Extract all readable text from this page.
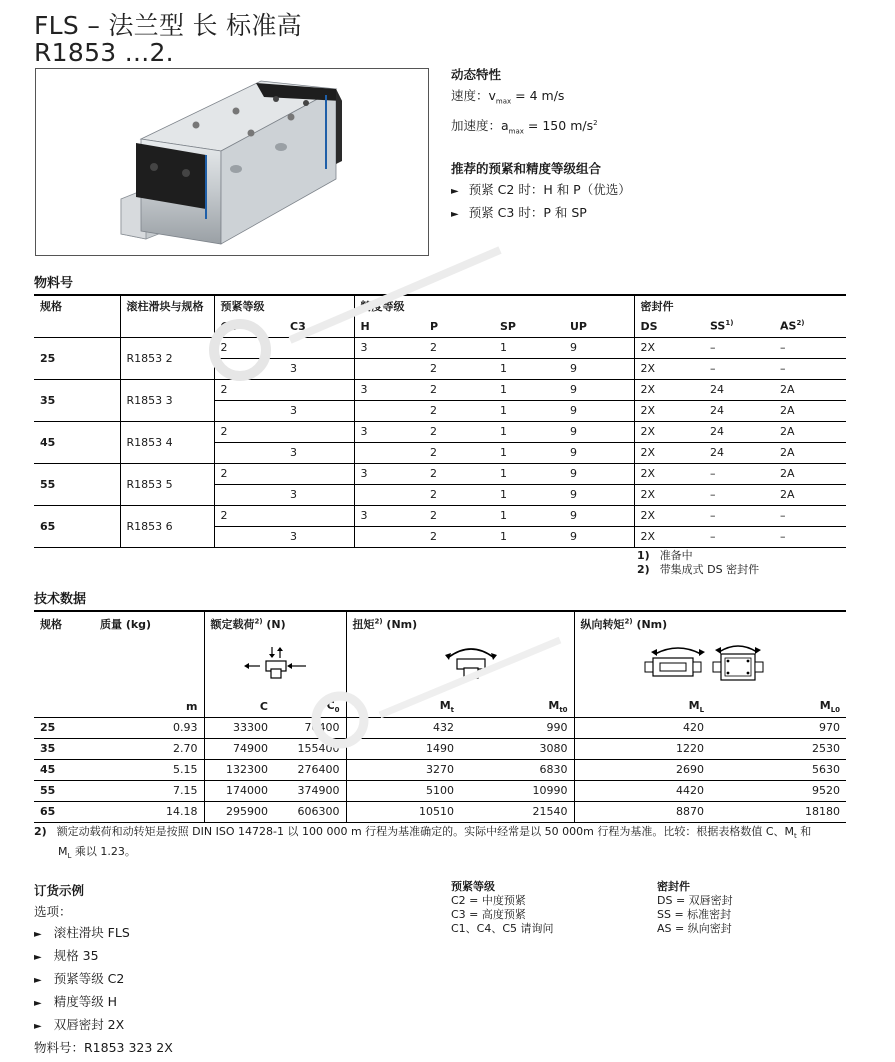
FLS – 法兰型 长 标准高
R1853 ...2.
动态特性
速度：$v_{max} = 4$ m/s
加速度：$a_{max} = 150$ $m/s^2$
推荐的预紧和精度等级组合
► 预紧 C2 时：H 和 P（优选）
► 预紧 C3 时：P 和 SP
物料号
规格	滚柱滑块与规格	预紧等级		精度等级				密封件		
		C2	C3	H	P	SP	UP	DS	SS$^{1)}$	AS$^{2)}$
25	R1853 2	2		3	2	1	9	2X	–	–
			3		2	1	9	2X	–	–
35	R1853 3	2		3	2	1	9	2X	24	2A
			3		2	1	9	2X	24	2A
45	R1853 4	2		3	2	1	9	2X	24	2A
			3		2	1	9	2X	24	2A
55	R1853 5	2		3	2	1	9	2X	–	2A
			3		2	1	9	2X	–	2A
65	R1853 6	2		3	2	1	9	2X	–	–
			3		2	1	9	2X	–	–
1) 准备中
2) 带集成式 DS 密封件
技术数据
规格	质量 (kg)	额定载荷$^{2)}$ (N)		扭矩$^{2)}$ (Nm)		纵向转矩$^{2)}$ (Nm)	

	m	C	$C_0$	$M_t$	$M_{t0}$	$M_L$	$M_{L0}$
25	0.93	33300	76400	432	990	420	970
35	2.70	74900	155400	1490	3080	1220	2530
45	5.15	132300	276400	3270	6830	2690	5630
55	7.15	174000	374900	5100	10990	4420	9520
65	14.18	295900	606300	10510	21540	8870	18180
2) 额定动载荷和动转矩是按照 DIN ISO 14728-1 以 100 000 m 行程为基准确定的。实际中经常是以 50 000m 行程为基准。比较：根据表格数值 C、$M_t$ 和
$M_L$ 乘以 1.23。
订货示例
选项：
► 滚柱滑块 FLS
► 规格 35
► 预紧等级 C2
► 精度等级 H
► 双唇密封 2X
物料号：R1853 323 2X
预紧等级
C2 = 中度预紧
C3 = 高度预紧
C1、C4、C5 请询问
密封件
DS = 双唇密封
SS = 标准密封
AS = 纵向密封
